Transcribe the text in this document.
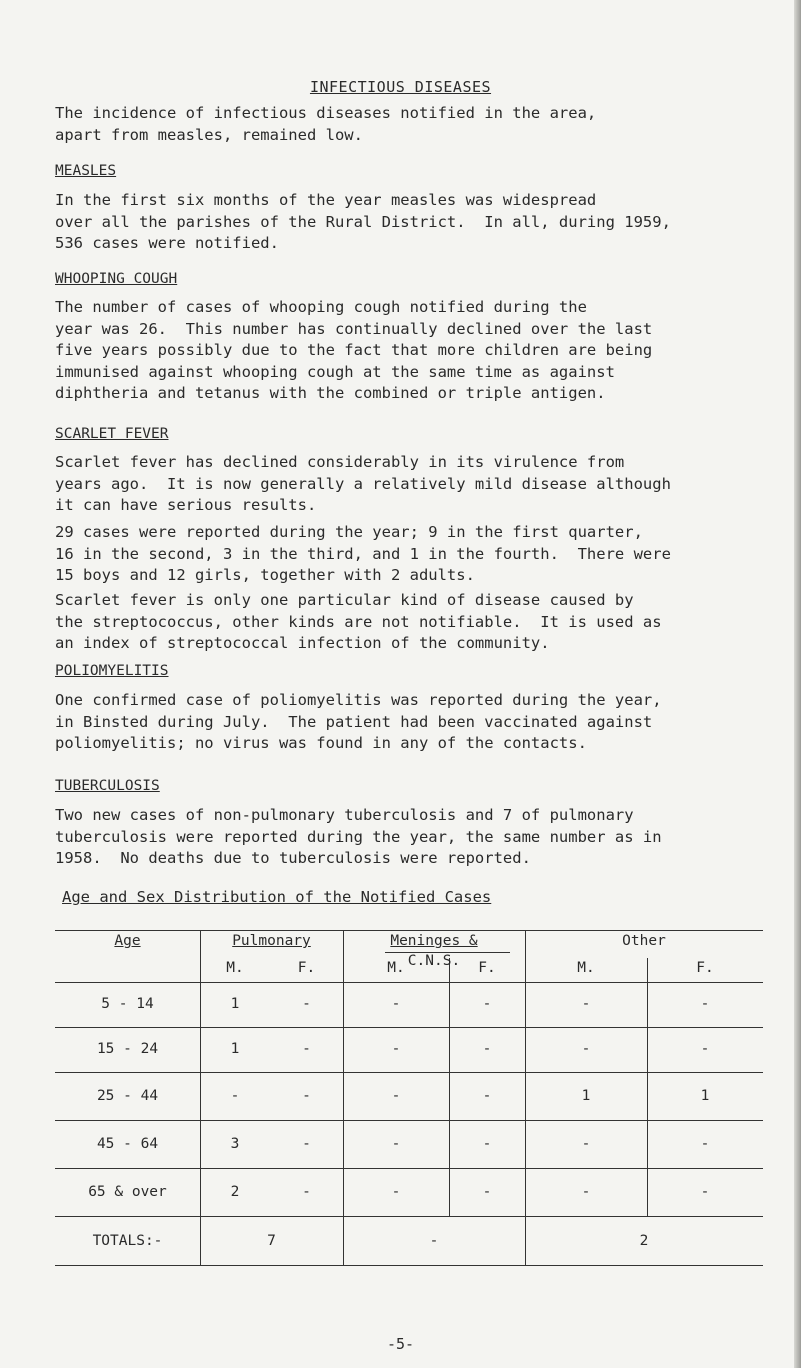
INFECTIOUS DISEASES
The incidence of infectious diseases notified in the area,
apart from measles, remained low.
MEASLES
In the first six months of the year measles was widespread
over all the parishes of the Rural District.  In all, during 1959,
536 cases were notified.
WHOOPING COUGH
The number of cases of whooping cough notified during the
year was 26.  This number has continually declined over the last
five years possibly due to the fact that more children are being
immunised against whooping cough at the same time as against
diphtheria and tetanus with the combined or triple antigen.
SCARLET FEVER
Scarlet fever has declined considerably in its virulence from
years ago.  It is now generally a relatively mild disease although
it can have serious results.
29 cases were reported during the year; 9 in the first quarter,
16 in the second, 3 in the third, and 1 in the fourth.  There were
15 boys and 12 girls, together with 2 adults.
Scarlet fever is only one particular kind of disease caused by
the streptococcus, other kinds are not notifiable.  It is used as
an index of streptococcal infection of the community.
POLIOMYELITIS
One confirmed case of poliomyelitis was reported during the year,
in Binsted during July.  The patient had been vaccinated against
poliomyelitis; no virus was found in any of the contacts.
TUBERCULOSIS
Two new cases of non-pulmonary tuberculosis and 7 of pulmonary
tuberculosis were reported during the year, the same number as in
1958.  No deaths due to tuberculosis were reported.
Age and Sex Distribution of the Notified Cases
Age	Pulmonary	Meninges &
C.N.S.
Other
M.	F.	M.	F.	M.	F.
5 - 14	1	-	-	-	-	-
15 - 24	1	-	-	-	-	-
25 - 44	-	-	-	-	1	1
45 - 64	3	-	-	-	-	-
65 & over	2	-	-	-	-	-
TOTALS:-	7	-	2
-5-
